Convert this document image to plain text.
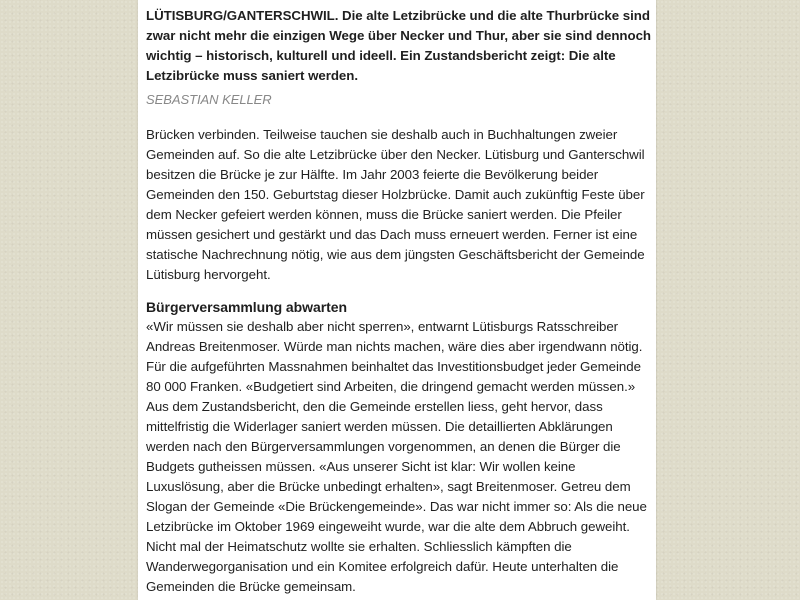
LÜTISBURG/GANTERSCHWIL. Die alte Letzibrücke und die alte Thurbrücke sind zwar nicht mehr die einzigen Wege über Necker und Thur, aber sie sind dennoch wichtig – historisch, kulturell und ideell. Ein Zustandsbericht zeigt: Die alte Letzibrücke muss saniert werden.

SEBASTIAN KELLER

Brücken verbinden. Teilweise tauchen sie deshalb auch in Buchhaltungen zweier Gemeinden auf. So die alte Letzibrücke über den Necker. Lütisburg und Ganterschwil besitzen die Brücke je zur Hälfte. Im Jahr 2003 feierte die Bevölkerung beider Gemeinden den 150. Geburtstag dieser Holzbrücke. Damit auch zukünftig Feste über dem Necker gefeiert werden können, muss die Brücke saniert werden. Die Pfeiler müssen gesichert und gestärkt und das Dach muss erneuert werden. Ferner ist eine statische Nachrechnung nötig, wie aus dem jüngsten Geschäftsbericht der Gemeinde Lütisburg hervorgeht.

Bürgerversammlung abwarten

«Wir müssen sie deshalb aber nicht sperren», entwarnt Lütisburgs Ratsschreiber Andreas Breitenmoser. Würde man nichts machen, wäre dies aber irgendwann nötig. Für die aufgeführten Massnahmen beinhaltet das Investitionsbudget jeder Gemeinde 80 000 Franken. «Budgetiert sind Arbeiten, die dringend gemacht werden müssen.» Aus dem Zustandsbericht, den die Gemeinde erstellen liess, geht hervor, dass mittelfristig die Widerlager saniert werden müssen. Die detaillierten Abklärungen werden nach den Bürgerversammlungen vorgenommen, an denen die Bürger die Budgets gutheissen müssen. «Aus unserer Sicht ist klar: Wir wollen keine Luxuslösung, aber die Brücke unbedingt erhalten», sagt Breitenmoser. Getreu dem Slogan der Gemeinde «Die Brückengemeinde». Das war nicht immer so: Als die neue Letzibrücke im Oktober 1969 eingeweiht wurde, war die alte dem Abbruch geweiht. Nicht mal der Heimatschutz wollte sie erhalten. Schliesslich kämpften die Wanderwegorganisation und ein Komitee erfolgreich dafür. Heute unterhalten die Gemeinden die Brücke gemeinsam.
